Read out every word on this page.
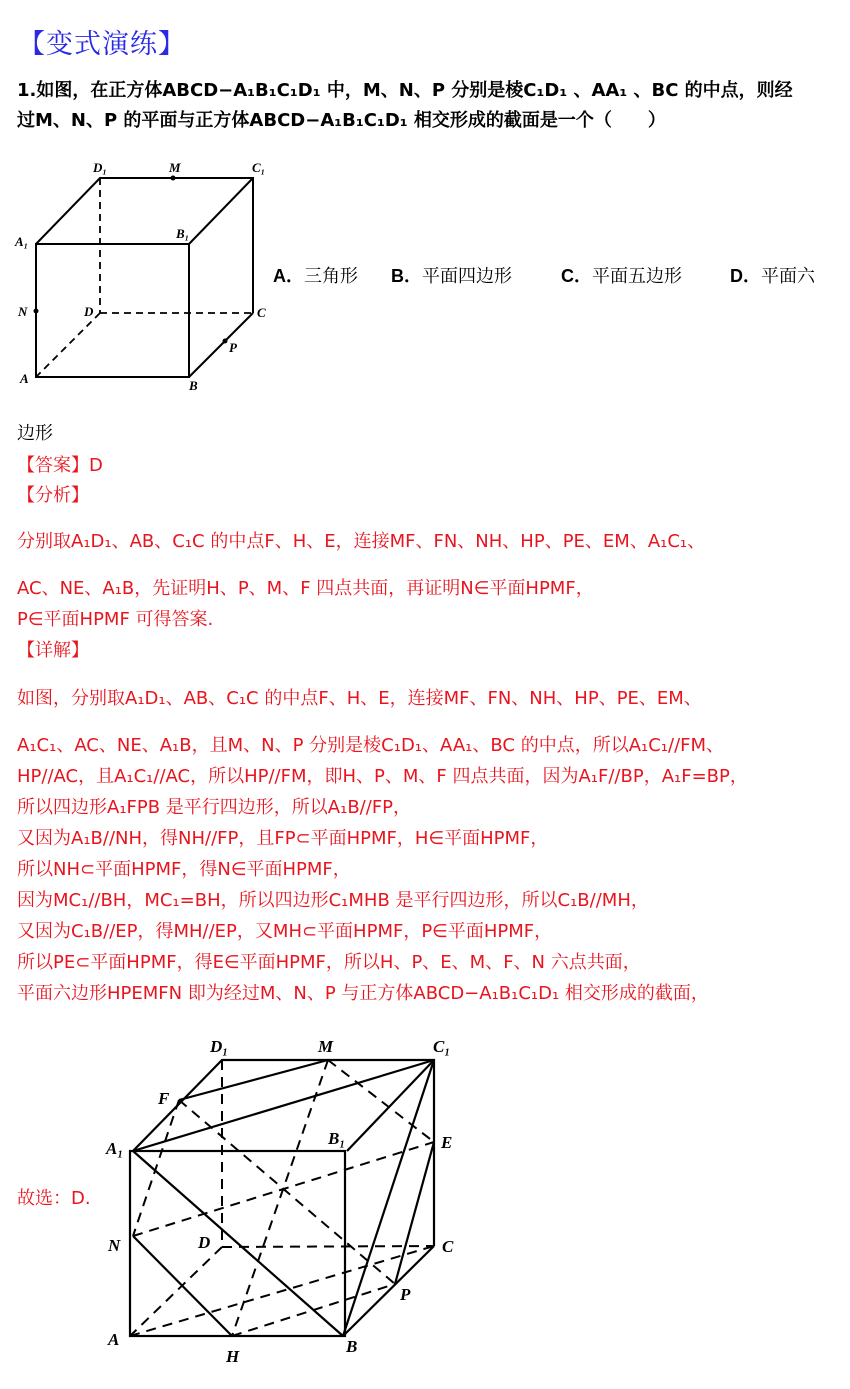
【变式演练】
1.如图，在正方体ABCD−A₁B₁C₁D₁ 中，M、N、P 分别是棱C₁D₁ 、AA₁ 、BC 的中点，则经
过M、N、P 的平面与正方体ABCD−A₁B₁C₁D₁ 相交形成的截面是一个（　　）
D₁	M	C₁
A₁
B₁
N	D	C
P
A	B
A．三角形 B．平面四边形	C．平面五边形	D．平面六
边形
【答案】D
【分析】
分别取A₁D₁、AB、C₁C 的中点F、H、E，连接MF、FN、NH、HP、PE、EM、A₁C₁、
AC、NE、A₁B，先证明H、P、M、F 四点共面，再证明N∈平面HPMF，
P∈平面HPMF 可得答案.
【详解】
如图，分别取A₁D₁、AB、C₁C 的中点F、H、E，连接MF、FN、NH、HP、PE、EM、
A₁C₁、AC、NE、A₁B，且M、N、P 分别是棱C₁D₁、AA₁、BC 的中点，所以A₁C₁//FM、
HP//AC，且A₁C₁//AC，所以HP//FM，即H、P、M、F 四点共面，因为A₁F//BP，A₁F=BP，
所以四边形A₁FPB 是平行四边形，所以A₁B//FP，
又因为A₁B//NH，得NH//FP，且FP⊂平面HPMF，H∈平面HPMF，
所以NH⊂平面HPMF，得N∈平面HPMF，
因为MC₁//BH，MC₁=BH，所以四边形C₁MHB 是平行四边形，所以C₁B//MH，
又因为C₁B//EP，得MH//EP，又MH⊂平面HPMF，P∈平面HPMF，
所以PE⊂平面HPMF，得E∈平面HPMF，所以H、P、E、M、F、N 六点共面，
平面六边形HPEMFN 即为经过M、N、P 与正方体ABCD−A₁B₁C₁D₁ 相交形成的截面，
故选：D.
D₁	M	C₁
F
A₁
B₁	E
N	D	C
P
A
H
B
